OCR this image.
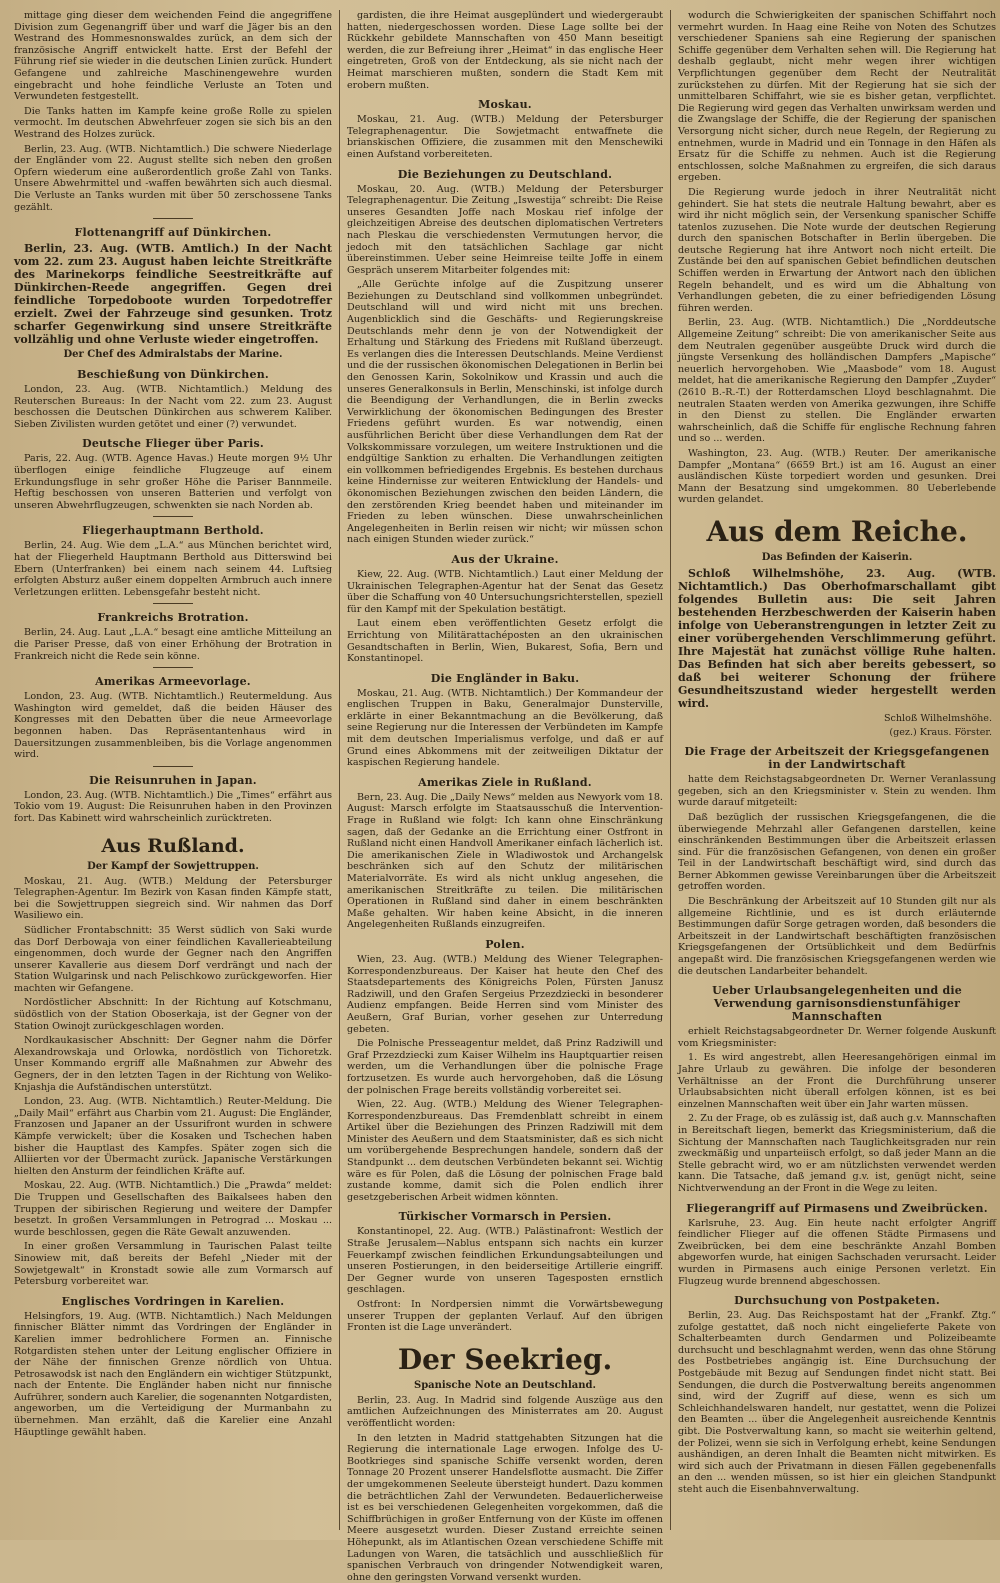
mittage ging dieser dem weichenden Feind die angegriffene Division zum Gegenangriff über und warf die Jäger bis an den Westrand des Hommesnonswaldes zurück, an dem sich der französische Angriff entwickelt hatte. Erst der Befehl der Führung rief sie wieder in die deutschen Linien zurück. Hundert Gefangene und zahlreiche Maschinengewehre wurden eingebracht und hohe feindliche Verluste an Toten und Verwundeten festgestellt.

Die Tanks hatten im Kampfe keine große Rolle zu spielen vermocht. Im deutschen Abwehrfeuer zogen sie sich bis an den Westrand des Holzes zurück.

Berlin, 23. Aug. (WTB. Nichtamtlich.) Die schwere Niederlage der Engländer vom 22. August stellte sich neben den großen Opfern wiederum eine außerordentlich große Zahl von Tanks. Unsere Abwehrmittel und -waffen bewährten sich auch diesmal. Die Verluste an Tanks wurden mit über 50 zerschossene Tanks gezählt.

Flottenangriff auf Dünkirchen.

Berlin, 23. Aug. (WTB. Amtlich.) In der Nacht vom 22. zum 23. August haben leichte Streitkräfte des Marinekorps feindliche Seestreitkräfte auf Dünkirchen-Reede angegriffen. Gegen drei feindliche Torpedoboote wurden Torpedotreffer erzielt. Zwei der Fahrzeuge sind gesunken. Trotz scharfer Gegenwirkung sind unsere Streitkräfte vollzählig und ohne Verluste wieder eingetroffen.

Der Chef des Admiralstabs der Marine.
Beschießung von Dünkirchen.

London, 23. Aug. (WTB. Nichtamtlich.) Meldung des Reuterschen Bureaus: In der Nacht vom 22. zum 23. August beschossen die Deutschen Dünkirchen aus schwerem Kaliber. Sieben Zivilisten wurden getötet und einer (?) verwundet.

Deutsche Flieger über Paris.

Paris, 22. Aug. (WTB. Agence Havas.) Heute morgen 9½ Uhr überflogen einige feindliche Flugzeuge auf einem Erkundungsfluge in sehr großer Höhe die Pariser Bannmeile. Heftig beschossen von unseren Batterien und verfolgt von unseren Abwehrflugzeugen, schwenkten sie nach Norden ab.

Fliegerhauptmann Berthold.

Berlin, 24. Aug. Wie dem „L.A.“ aus München berichtet wird, hat der Fliegerheld Hauptmann Berthold aus Ditterswind bei Ebern (Unterfranken) bei einem nach seinem 44. Luftsieg erfolgten Absturz außer einem doppelten Armbruch auch innere Verletzungen erlitten. Lebensgefahr besteht nicht.

Frankreichs Brotration.

Berlin, 24. Aug. Laut „L.A.“ besagt eine amtliche Mitteilung an die Pariser Presse, daß von einer Erhöhung der Brotration in Frankreich nicht die Rede sein könne.

Amerikas Armeevorlage.

London, 23. Aug. (WTB. Nichtamtlich.) Reutermeldung. Aus Washington wird gemeldet, daß die beiden Häuser des Kongresses mit den Debatten über die neue Armeevorlage begonnen haben. Das Repräsentantenhaus wird in Dauersitzungen zusammenbleiben, bis die Vorlage angenommen wird.

Die Reisunruhen in Japan.

London, 23. Aug. (WTB. Nichtamtlich.) Die „Times“ erfährt aus Tokio vom 19. August: Die Reisunruhen haben in den Provinzen fort. Das Kabinett wird wahrscheinlich zurücktreten.

Aus Rußland.
Der Kampf der Sowjettruppen.

Moskau, 21. Aug. (WTB.) Meldung der Petersburger Telegraphen-Agentur. Im Bezirk von Kasan finden Kämpfe statt, bei die Sowjettruppen siegreich sind. Wir nahmen das Dorf Wasiliewo ein.

Südlicher Frontabschnitt: 35 Werst südlich von Saki wurde das Dorf Derbowaja von einer feindlichen Kavallerieabteilung eingenommen, doch wurde der Gegner nach den Angriffen unserer Kavallerie aus diesem Dorf verdrängt und nach der Station Wulgarinsk und nach Pelischkowo zurückgeworfen. Hier machten wir Gefangene.

Nordöstlicher Abschnitt: In der Richtung auf Kotschmanu, südöstlich von der Station Oboserkaja, ist der Gegner von der Station Owinojt zurückgeschlagen worden.

Nordkaukasischer Abschnitt: Der Gegner nahm die Dörfer Alexandrowskaja und Orlowka, nordöstlich von Tichoretzk. Unser Kommando ergriff alle Maßnahmen zur Abwehr des Gegners, der in den letzten Tagen in der Richtung von Weliko-Knjashja die Aufständischen unterstützt.

London, 23. Aug. (WTB. Nichtamtlich.) Reuter-Meldung. Die „Daily Mail“ erfährt aus Charbin vom 21. August: Die Engländer, Franzosen und Japaner an der Ussurifront wurden in schwere Kämpfe verwickelt; über die Kosaken und Tschechen haben bisher die Hauptlast des Kampfes. Später zogen sich die Alliierten vor der Übermacht zurück. Japanische Verstärkungen hielten den Ansturm der feindlichen Kräfte auf.

Moskau, 22. Aug. (WTB. Nichtamtlich.) Die „Prawda“ meldet: Die Truppen und Gesellschaften des Baikalsees haben den Truppen der sibirischen Regierung und weitere der Dampfer besetzt. In großen Versammlungen in Petrograd ... Moskau ... wurde beschlossen, gegen die Räte Gewalt anzuwenden.

In einer großen Versammlung in Taurischen Palast teilte Sinowiew mit, daß bereits der Befehl „Nieder mit der Sowjetgewalt“ in Kronstadt sowie alle zum Vormarsch auf Petersburg vorbereitet war.

Englisches Vordringen in Karelien.

Helsingfors, 19. Aug. (WTB. Nichtamtlich.) Nach Meldungen finnischer Blätter nimmt das Vordringen der Engländer in Karelien immer bedrohlichere Formen an. Finnische Rotgardisten stehen unter der Leitung englischer Offiziere in der Nähe der finnischen Grenze nördlich von Uhtua. Petrosawodsk ist nach den Engländern ein wichtiger Stützpunkt, nach der Entente. Die Engländer haben nicht nur finnische Aufrührer, sondern auch Karelier, die sogenannten Notgardisten, angeworben, um die Verteidigung der Murmanbahn zu übernehmen. Man erzählt, daß die Karelier eine Anzahl Häuptlinge gewählt haben.

gardisten, die ihre Heimat ausgeplündert und wiedergeraubt hatten, niedergeschossen worden. Diese Lage sollte bei der Rückkehr gebildete Mannschaften von 450 Mann beseitigt werden, die zur Befreiung ihrer „Heimat“ in das englische Heer eingetreten, Groß von der Entdeckung, als sie nicht nach der Heimat marschieren mußten, sondern die Stadt Kem mit erobern mußten.

Moskau.

Moskau, 21. Aug. (WTB.) Meldung der Petersburger Telegraphenagentur. Die Sowjetmacht entwaffnete die brianskischen Offiziere, die zusammen mit den Menschewiki einen Aufstand vorbereiteten.

Die Beziehungen zu Deutschland.

Moskau, 20. Aug. (WTB.) Meldung der Petersburger Telegraphenagentur. Die Zeitung „Iswestija“ schreibt: Die Reise unseres Gesandten Joffe nach Moskau rief infolge der gleichzeitigen Abreise des deutschen diplomatischen Vertreters nach Pleskau die verschiedensten Vermutungen hervor, die jedoch mit den tatsächlichen Sachlage gar nicht übereinstimmen. Ueber seine Heimreise teilte Joffe in einem Gespräch unserem Mitarbeiter folgendes mit:

„Alle Gerüchte infolge auf die Zuspitzung unserer Beziehungen zu Deutschland sind vollkommen unbegründet. Deutschland will und wird nicht mit uns brechen. Augenblicklich sind die Geschäfts- und Regierungskreise Deutschlands mehr denn je von der Notwendigkeit der Erhaltung und Stärkung des Friedens mit Rußland überzeugt. Es verlangen dies die Interessen Deutschlands. Meine Verdienst und die der russischen ökonomischen Delegationen in Berlin bei den Genossen Karin, Sokolnikow und Krassin und auch die unseres Generalkonsuls in Berlin, Menschinski, ist infolge durch die Beendigung der Verhandlungen, die in Berlin zwecks Verwirklichung der ökonomischen Bedingungen des Brester Friedens geführt wurden. Es war notwendig, einen ausführlichen Bericht über diese Verhandlungen dem Rat der Volkskommissare vorzulegen, um weitere Instruktionen und die endgültige Sanktion zu erhalten. Die Verhandlungen zeitigten ein vollkommen befriedigendes Ergebnis. Es bestehen durchaus keine Hindernisse zur weiteren Entwicklung der Handels- und ökonomischen Beziehungen zwischen den beiden Ländern, die den zerstörenden Krieg beendet haben und miteinander im Frieden zu leben wünschen. Diese unwahrscheinlichen Angelegenheiten in Berlin reisen wir nicht; wir müssen schon nach einigen Stunden wieder zurück.“

Aus der Ukraine.

Kiew, 22. Aug. (WTB. Nichtamtlich.) Laut einer Meldung der Ukrainischen Telegraphen-Agentur hat der Senat das Gesetz über die Schaffung von 40 Untersuchungsrichterstellen, speziell für den Kampf mit der Spekulation bestätigt.

Laut einem eben veröffentlichten Gesetz erfolgt die Errichtung von Militärattachéposten an den ukrainischen Gesandtschaften in Berlin, Wien, Bukarest, Sofia, Bern und Konstantinopel.

Die Engländer in Baku.

Moskau, 21. Aug. (WTB. Nichtamtlich.) Der Kommandeur der englischen Truppen in Baku, Generalmajor Dunsterville, erklärte in einer Bekanntmachung an die Bevölkerung, daß seine Regierung nur die Interessen der Verbündeten im Kampfe mit dem deutschen Imperialismus verfolge, und daß er auf Grund eines Abkommens mit der zeitweiligen Diktatur der kaspischen Regierung handele.

Amerikas Ziele in Rußland.

Bern, 23. Aug. Die „Daily News“ melden aus Newyork vom 18. August: Marsch erfolgte im Staatsausschuß die Intervention-Frage in Rußland wie folgt: Ich kann ohne Einschränkung sagen, daß der Gedanke an die Errichtung einer Ostfront in Rußland nicht einen Handvoll Amerikaner einfach lächerlich ist. Die amerikanischen Ziele in Wladiwostok und Archangelsk beschränken sich auf den Schutz der militärischen Materialvorräte. Es wird als nicht unklug angesehen, die amerikanischen Streitkräfte zu teilen. Die militärischen Operationen in Rußland sind daher in einem beschränkten Maße gehalten. Wir haben keine Absicht, in die inneren Angelegenheiten Rußlands einzugreifen.

Polen.

Wien, 23. Aug. (WTB.) Meldung des Wiener Telegraphen-Korrespondenzbureaus. Der Kaiser hat heute den Chef des Staatsdepartements des Königreichs Polen, Fürsten Janusz Radziwill, und den Grafen Sergeius Przezdziecki in besonderer Audienz empfangen. Beide Herren sind vom Minister des Aeußern, Graf Burian, vorher gesehen zur Unterredung gebeten.

Die Polnische Presseagentur meldet, daß Prinz Radziwill und Graf Przezdziecki zum Kaiser Wilhelm ins Hauptquartier reisen werden, um die Verhandlungen über die polnische Frage fortzusetzen. Es wurde auch hervorgehoben, daß die Lösung der polnischen Frage bereits vollständig vorbereitet sei.

Wien, 22. Aug. (WTB.) Meldung des Wiener Telegraphen-Korrespondenzbureaus. Das Fremdenblatt schreibt in einem Artikel über die Beziehungen des Prinzen Radziwill mit dem Minister des Aeußern und dem Staatsminister, daß es sich nicht um vorübergehende Besprechungen handele, sondern daß der Standpunkt ... dem deutschen Verbündeten bekannt sei. Wichtig wäre es für Polen, daß die Lösung der polnischen Frage bald zustande komme, damit sich die Polen endlich ihrer gesetzgeberischen Arbeit widmen könnten.

Türkischer Vormarsch in Persien.

Konstantinopel, 22. Aug. (WTB.) Palästinafront: Westlich der Straße Jerusalem—Nablus entspann sich nachts ein kurzer Feuerkampf zwischen feindlichen Erkundungsabteilungen und unseren Postierungen, in den beiderseitige Artillerie eingriff. Der Gegner wurde von unseren Tagesposten ernstlich geschlagen.

Ostfront: In Nordpersien nimmt die Vorwärtsbewegung unserer Truppen der geplanten Verlauf. Auf den übrigen Fronten ist die Lage unverändert.

Der Seekrieg.
Spanische Note an Deutschland.

Berlin, 23. Aug. In Madrid sind folgende Auszüge aus den amtlichen Aufzeichnungen des Ministerrates am 20. August veröffentlicht worden:

In den letzten in Madrid stattgehabten Sitzungen hat die Regierung die internationale Lage erwogen. Infolge des U-Bootkrieges sind spanische Schiffe versenkt worden, deren Tonnage 20 Prozent unserer Handelsflotte ausmacht. Die Ziffer der umgekommenen Seeleute übersteigt hundert. Dazu kommen die beträchtlichen Zahl der Verwundeten. Bedauerlicherweise ist es bei verschiedenen Gelegenheiten vorgekommen, daß die Schiffbrüchigen in großer Entfernung von der Küste im offenen Meere ausgesetzt wurden. Dieser Zustand erreichte seinen Höhepunkt, als im Atlantischen Ozean verschiedene Schiffe mit Ladungen von Waren, die tatsächlich und ausschließlich für spanischen Verbrauch von dringender Notwendigkeit waren, ohne den geringsten Vorwand versenkt wurden.

wodurch die Schwierigkeiten der spanischen Schiffahrt noch vermehrt wurden. In Haag eine Reihe von Noten des Schutzes verschiedener Spaniens sah eine Regierung der spanischen Schiffe gegenüber dem Verhalten sehen will. Die Regierung hat deshalb geglaubt, nicht mehr wegen ihrer wichtigen Verpflichtungen gegenüber dem Recht der Neutralität zurückstehen zu dürfen. Mit der Regierung hat sie sich der unmittelbaren Schiffahrt, wie sie es bisher getan, verpflichtet. Die Regierung wird gegen das Verhalten unwirksam werden und die Zwangslage der Schiffe, die der Regierung der spanischen Versorgung nicht sicher, durch neue Regeln, der Regierung zu entnehmen, wurde in Madrid und ein Tonnage in den Häfen als Ersatz für die Schiffe zu nehmen. Auch ist die Regierung entschlossen, solche Maßnahmen zu ergreifen, die sich daraus ergeben.

Die Regierung wurde jedoch in ihrer Neutralität nicht gehindert. Sie hat stets die neutrale Haltung bewahrt, aber es wird ihr nicht möglich sein, der Versenkung spanischer Schiffe tatenlos zuzusehen. Die Note wurde der deutschen Regierung durch den spanischen Botschafter in Berlin übergeben. Die deutsche Regierung hat ihre Antwort noch nicht erteilt. Die Zustände bei den auf spanischen Gebiet befindlichen deutschen Schiffen werden in Erwartung der Antwort nach den üblichen Regeln behandelt, und es wird um die Abhaltung von Verhandlungen gebeten, die zu einer befriedigenden Lösung führen werden.

Berlin, 23. Aug. (WTB. Nichtamtlich.) Die „Norddeutsche Allgemeine Zeitung“ schreibt: Die von amerikanischer Seite aus dem Neutralen gegenüber ausgeübte Druck wird durch die jüngste Versenkung des holländischen Dampfers „Mapische“ neuerlich hervorgehoben. Wie „Maasbode“ vom 18. August meldet, hat die amerikanische Regierung den Dampfer „Zuyder“ (2610 B.-R.-T.) der Rotterdamschen Lloyd beschlagnahmt. Die neutralen Staaten werden von Amerika gezwungen, ihre Schiffe in den Dienst zu stellen. Die Engländer erwarten wahrscheinlich, daß die Schiffe für englische Rechnung fahren und so ... werden.

Washington, 23. Aug. (WTB.) Reuter. Der amerikanische Dampfer „Montana“ (6659 Brt.) ist am 16. August an einer ausländischen Küste torpediert worden und gesunken. Drei Mann der Besatzung sind umgekommen. 80 Ueberlebende wurden gelandet.

Aus dem Reiche.
Das Befinden der Kaiserin.

Schloß Wilhelmshöhe, 23. Aug. (WTB. Nichtamtlich.) Das Oberhofmarschallamt gibt folgendes Bulletin aus: Die seit Jahren bestehenden Herzbeschwerden der Kaiserin haben infolge von Ueberanstrengungen in letzter Zeit zu einer vorübergehenden Verschlimmerung geführt. Ihre Majestät hat zunächst völlige Ruhe halten. Das Befinden hat sich aber bereits gebessert, so daß bei weiterer Schonung der frühere Gesundheitszustand wieder hergestellt werden wird.

Schloß Wilhelmshöhe.
(gez.) Kraus. Förster.
Die Frage der Arbeitszeit der Kriegsgefangenen in der Landwirtschaft

hatte dem Reichstagsabgeordneten Dr. Werner Veranlassung gegeben, sich an den Kriegsminister v. Stein zu wenden. Ihm wurde darauf mitgeteilt:

Daß bezüglich der russischen Kriegsgefangenen, die die überwiegende Mehrzahl aller Gefangenen darstellen, keine einschränkenden Bestimmungen über die Arbeitszeit erlassen sind. Für die französischen Gefangenen, von denen ein großer Teil in der Landwirtschaft beschäftigt wird, sind durch das Berner Abkommen gewisse Vereinbarungen über die Arbeitszeit getroffen worden.

Die Beschränkung der Arbeitszeit auf 10 Stunden gilt nur als allgemeine Richtlinie, und es ist durch erläuternde Bestimmungen dafür Sorge getragen worden, daß besonders die Arbeitszeit in der Landwirtschaft beschäftigten französischen Kriegsgefangenen der Ortsüblichkeit und dem Bedürfnis angepaßt wird. Die französischen Kriegsgefangenen werden wie die deutschen Landarbeiter behandelt.

Ueber Urlaubsangelegenheiten und die Verwendung garnisonsdienstunfähiger Mannschaften

erhielt Reichstagsabgeordneter Dr. Werner folgende Auskunft vom Kriegsminister:

1. Es wird angestrebt, allen Heeresangehörigen einmal im Jahre Urlaub zu gewähren. Die infolge der besonderen Verhältnisse an der Front die Durchführung unserer Urlaubsabsichten nicht überall erfolgen können, ist es bei einzelnen Mannschaften weit über ein Jahr warten müssen.

2. Zu der Frage, ob es zulässig ist, daß auch g.v. Mannschaften in Bereitschaft liegen, bemerkt das Kriegsministerium, daß die Sichtung der Mannschaften nach Tauglichkeitsgraden nur rein zweckmäßig und unparteiisch erfolgt, so daß jeder Mann an die Stelle gebracht wird, wo er am nützlichsten verwendet werden kann. Die Tatsache, daß jemand g.v. ist, genügt nicht, seine Nichtverwendung an der Front in die Wege zu leiten.

Fliegerangriff auf Pirmasens und Zweibrücken.

Karlsruhe, 23. Aug. Ein heute nacht erfolgter Angriff feindlicher Flieger auf die offenen Städte Pirmasens und Zweibrücken, bei dem eine beschränkte Anzahl Bomben abgeworfen wurde, hat einigen Sachschaden verursacht. Leider wurden in Pirmasens auch einige Personen verletzt. Ein Flugzeug wurde brennend abgeschossen.

Durchsuchung von Postpaketen.

Berlin, 23. Aug. Das Reichspostamt hat der „Frankf. Ztg.“ zufolge gestattet, daß noch nicht eingelieferte Pakete von Schalterbeamten durch Gendarmen und Polizeibeamte durchsucht und beschlagnahmt werden, wenn das ohne Störung des Postbetriebes angängig ist. Eine Durchsuchung der Postgebäude mit Bezug auf Sendungen findet nicht statt. Bei Sendungen, die durch die Postverwaltung bereits angenommen sind, wird der Zugriff auf diese, wenn es sich um Schleichhandelswaren handelt, nur gestattet, wenn die Polizei den Beamten ... über die Angelegenheit ausreichende Kenntnis gibt. Die Postverwaltung kann, so macht sie weiterhin geltend, der Polizei, wenn sie sich in Verfolgung erhebt, keine Sendungen aushändigen, an deren Inhalt die Beamten nicht mitwirken. Es wird sich auch der Privatmann in diesen Fällen gegebenenfalls an den ... wenden müssen, so ist hier ein gleichen Standpunkt steht auch die Eisenbahnverwaltung.
